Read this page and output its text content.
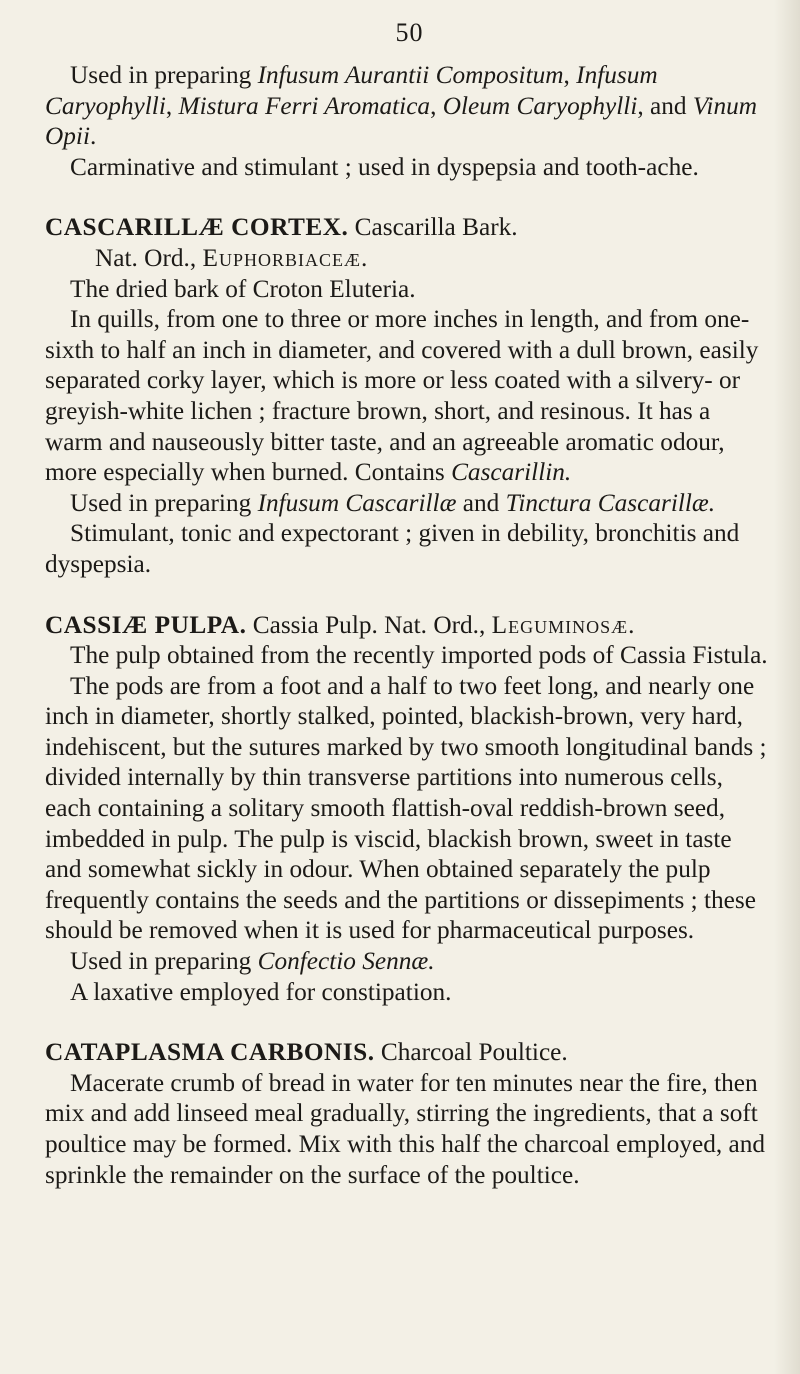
50

Used in preparing Infusum Aurantii Compositum, Infusum Caryophylli, Mistura Ferri Aromatica, Oleum Caryophylli, and Vinum Opii.

Carminative and stimulant ; used in dyspepsia and tooth-ache.

CASCARILLÆ CORTEX. Cascarilla Bark.

Nat. Ord., Euphorbiaceæ.

The dried bark of Croton Eluteria.

In quills, from one to three or more inches in length, and from one-sixth to half an inch in diameter, and covered with a dull brown, easily separated corky layer, which is more or less coated with a silvery- or greyish-white lichen ; fracture brown, short, and resinous. It has a warm and nauseously bitter taste, and an agreeable aromatic odour, more especially when burned. Contains Cascarillin.

Used in preparing Infusum Cascarillæ and Tinctura Cascarillæ.

Stimulant, tonic and expectorant ; given in debility, bronchitis and dyspepsia.

CASSIÆ PULPA. Cassia Pulp. Nat. Ord., Leguminosæ.

The pulp obtained from the recently imported pods of Cassia Fistula.

The pods are from a foot and a half to two feet long, and nearly one inch in diameter, shortly stalked, pointed, blackish-brown, very hard, indehiscent, but the sutures marked by two smooth longitudinal bands ; divided internally by thin transverse partitions into numerous cells, each containing a solitary smooth flattish-oval reddish-brown seed, imbedded in pulp. The pulp is viscid, blackish brown, sweet in taste and somewhat sickly in odour. When obtained separately the pulp frequently contains the seeds and the partitions or dissepiments ; these should be removed when it is used for pharmaceutical purposes.

Used in preparing Confectio Sennæ.

A laxative employed for constipation.

CATAPLASMA CARBONIS. Charcoal Poultice.

Macerate crumb of bread in water for ten minutes near the fire, then mix and add linseed meal gradually, stirring the ingredients, that a soft poultice may be formed. Mix with this half the charcoal employed, and sprinkle the remainder on the surface of the poultice.
